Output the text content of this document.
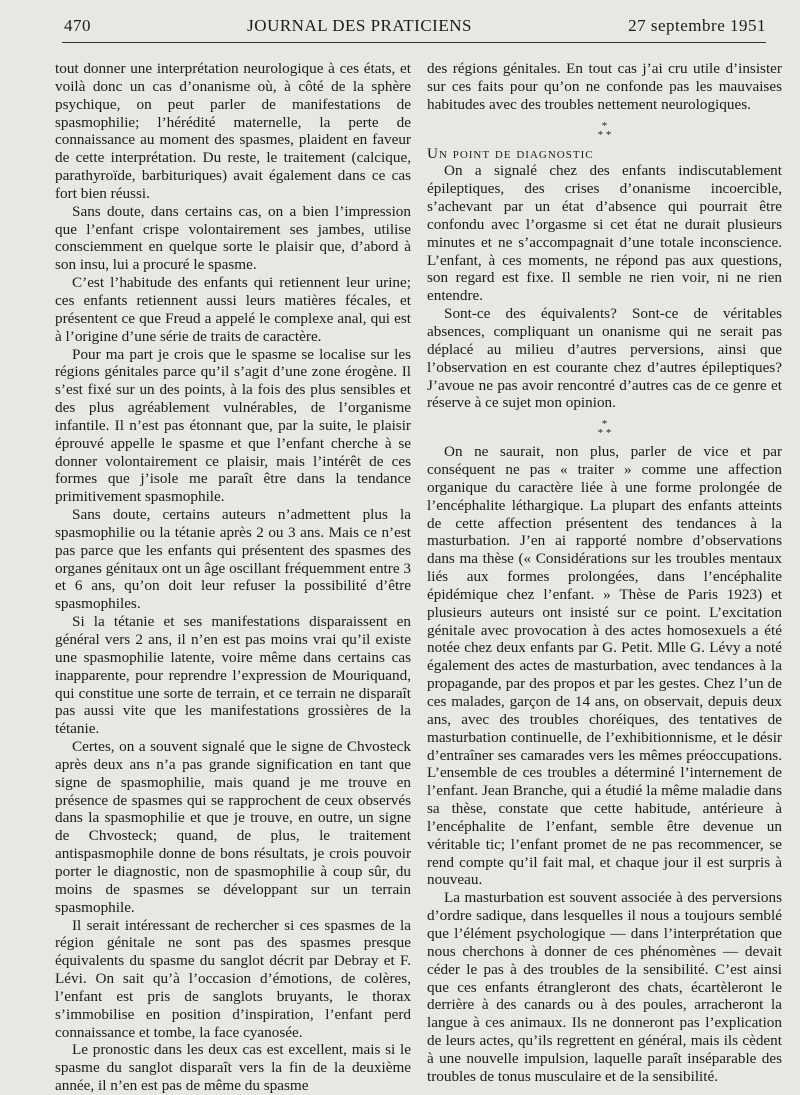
470	JOURNAL DES PRATICIENS	27 septembre 1951

tout donner une interprétation neurologique à ces états, et voilà donc un cas d’onanisme où, à côté de la sphère psychique, on peut parler de manifestations de spasmophilie; l’hérédité maternelle, la perte de connaissance au moment des spasmes, plaident en faveur de cette interprétation. Du reste, le traitement (calcique, parathyroïde, barbituriques) avait également dans ce cas fort bien réussi.

Sans doute, dans certains cas, on a bien l’impression que l’enfant crispe volontairement ses jambes, utilise consciemment en quelque sorte le plaisir que, d’abord à son insu, lui a procuré le spasme.

C’est l’habitude des enfants qui retiennent leur urine; ces enfants retiennent aussi leurs matières fécales, et présentent ce que Freud a appelé le complexe anal, qui est à l’origine d’une série de traits de caractère.

Pour ma part je crois que le spasme se localise sur les régions génitales parce qu’il s’agit d’une zone érogène. Il s’est fixé sur un des points, à la fois des plus sensibles et des plus agréablement vulnérables, de l’organisme infantile. Il n’est pas étonnant que, par la suite, le plaisir éprouvé appelle le spasme et que l’enfant cherche à se donner volontairement ce plaisir, mais l’intérêt de ces formes que j’isole me paraît être dans la tendance primitivement spasmophile.

Sans doute, certains auteurs n’admettent plus la spasmophilie ou la tétanie après 2 ou 3 ans. Mais ce n’est pas parce que les enfants qui présentent des spasmes des organes génitaux ont un âge oscillant fréquemment entre 3 et 6 ans, qu’on doit leur refuser la possibilité d’être spasmophiles.

Si la tétanie et ses manifestations disparaissent en général vers 2 ans, il n’en est pas moins vrai qu’il existe une spasmophilie latente, voire même dans certains cas inapparente, pour reprendre l’expression de Mouriquand, qui constitue une sorte de terrain, et ce terrain ne disparaît pas aussi vite que les manifestations grossières de la tétanie.

Certes, on a souvent signalé que le signe de Chvosteck après deux ans n’a pas grande signification en tant que signe de spasmophilie, mais quand je me trouve en présence de spasmes qui se rapprochent de ceux observés dans la spasmophilie et que je trouve, en outre, un signe de Chvosteck; quand, de plus, le traitement antispasmophile donne de bons résultats, je crois pouvoir porter le diagnostic, non de spasmophilie à coup sûr, du moins de spasmes se développant sur un terrain spasmophile.

Il serait intéressant de rechercher si ces spasmes de la région génitale ne sont pas des spasmes presque équivalents du spasme du sanglot décrit par Debray et F. Lévi. On sait qu’à l’occasion d’émotions, de colères, l’enfant est pris de sanglots bruyants, le thorax s’immobilise en position d’inspiration, l’enfant perd connaissance et tombe, la face cyanosée.

Le pronostic dans les deux cas est excellent, mais si le spasme du sanglot disparaît vers la fin de la deuxième année, il n’en est pas de même du spasme

des régions génitales. En tout cas j’ai cru utile d’insister sur ces faits pour qu’on ne confonde pas les mauvaises habitudes avec des troubles nettement neurologiques.

*
* *

Un point de diagnostic

On a signalé chez des enfants indiscutablement épileptiques, des crises d’onanisme incoercible, s’achevant par un état d’absence qui pourrait être confondu avec l’orgasme si cet état ne durait plusieurs minutes et ne s’accompagnait d’une totale inconscience. L’enfant, à ces moments, ne répond pas aux questions, son regard est fixe. Il semble ne rien voir, ni ne rien entendre.

Sont-ce des équivalents? Sont-ce de véritables absences, compliquant un onanisme qui ne serait pas déplacé au milieu d’autres perversions, ainsi que l’observation en est courante chez d’autres épileptiques? J’avoue ne pas avoir rencontré d’autres cas de ce genre et réserve à ce sujet mon opinion.

*
* *

On ne saurait, non plus, parler de vice et par conséquent ne pas « traiter » comme une affection organique du caractère liée à une forme prolongée de l’encéphalite léthargique. La plupart des enfants atteints de cette affection présentent des tendances à la masturbation. J’en ai rapporté nombre d’observations dans ma thèse (« Considérations sur les troubles mentaux liés aux formes prolongées, dans l’encéphalite épidémique chez l’enfant. » Thèse de Paris 1923) et plusieurs auteurs ont insisté sur ce point. L’excitation génitale avec provocation à des actes homosexuels a été notée chez deux enfants par G. Petit. Mlle G. Lévy a noté également des actes de masturbation, avec tendances à la propagande, par des propos et par les gestes. Chez l’un de ces malades, garçon de 14 ans, on observait, depuis deux ans, avec des troubles choréiques, des tentatives de masturbation continuelle, de l’exhibitionnisme, et le désir d’entraîner ses camarades vers les mêmes préoccupations. L’ensemble de ces troubles a déterminé l’internement de l’enfant. Jean Branche, qui a étudié la même maladie dans sa thèse, constate que cette habitude, antérieure à l’encéphalite de l’enfant, semble être devenue un véritable tic; l’enfant promet de ne pas recommencer, se rend compte qu’il fait mal, et chaque jour il est surpris à nouveau.

La masturbation est souvent associée à des perversions d’ordre sadique, dans lesquelles il nous a toujours semblé que l’élément psychologique — dans l’interprétation que nous cherchons à donner de ces phénomènes — devait céder le pas à des troubles de la sensibilité. C’est ainsi que ces enfants étrangleront des chats, écartèleront le derrière à des canards ou à des poules, arracheront la langue à ces animaux. Ils ne donneront pas l’explication de leurs actes, qu’ils regrettent en général, mais ils cèdent à une nouvelle impulsion, laquelle paraît inséparable des troubles de tonus musculaire et de la sensibilité.
